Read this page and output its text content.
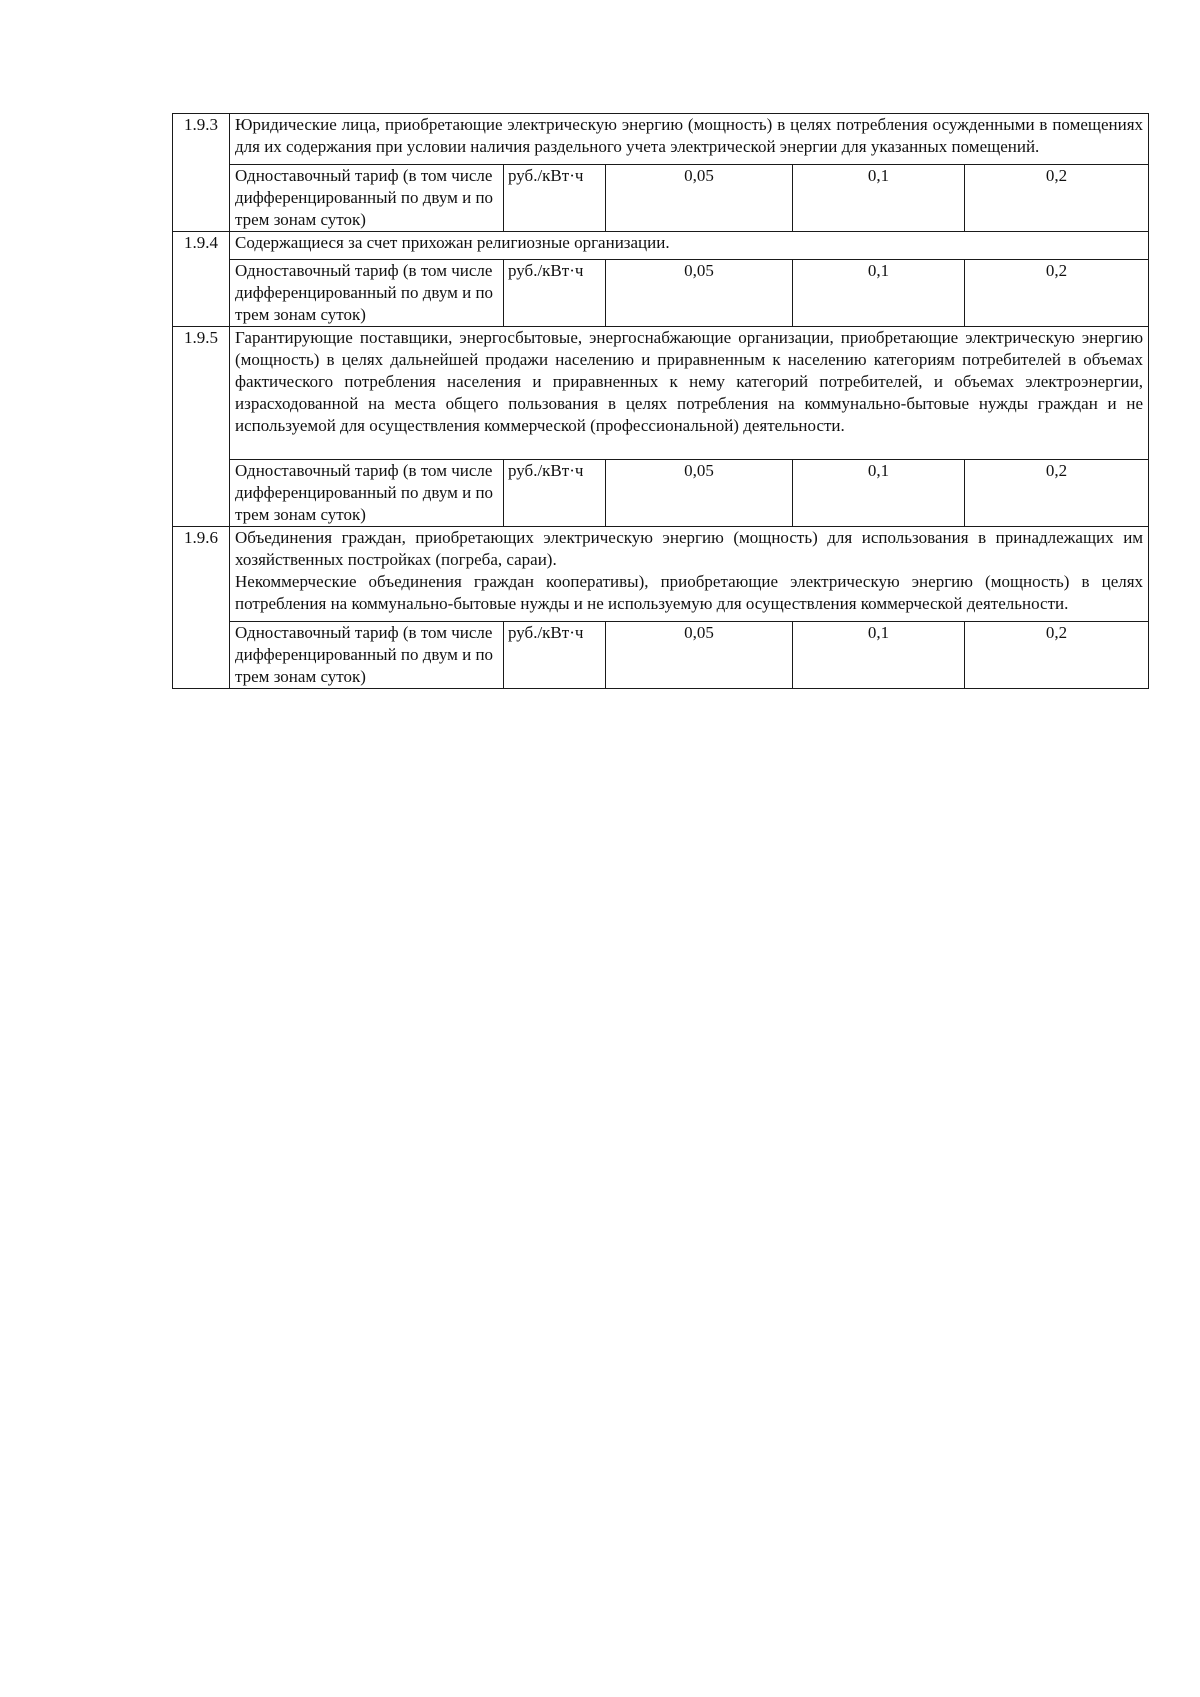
1.9.3	Юридические лица, приобретающие электрическую энергию (мощность) в целях потребления осужденными в помещениях для их содержания при условии наличия раздельного учета электрической энергии для указанных помещений.				

	Одноставочный тариф (в том числе дифференцированный по двум и по трем зонам суток)	руб./кВт·ч	0,05	0,1	0,2
1.9.4	Содержащиеся за счет прихожан религиозные организации.				

	Одноставочный тариф (в том числе дифференцированный по двум и по трем зонам суток)	руб./кВт·ч	0,05	0,1	0,2
1.9.5	Гарантирующие поставщики, энергосбытовые, энергоснабжающие организации, приобретающие электрическую энергию (мощность) в целях дальнейшей продажи населению и приравненным к населению категориям потребителей в объемах фактического потребления населения и приравненных к нему категорий потребителей, и объемах электроэнергии, израсходованной на места общего пользования в целях потребления на коммунально-бытовые нужды граждан и не используемой для осуществления коммерческой (профессиональной) деятельности.				

	Одноставочный тариф (в том числе дифференцированный по двум и по трем зонам суток)	руб./кВт·ч	0,05	0,1	0,2
1.9.6	Объединения граждан, приобретающих электрическую энергию (мощность) для использования в принадлежащих им хозяйственных постройках (погреба, сараи).

Некоммерческие объединения граждан кооперативы), приобретающие электрическую энергию (мощность) в целях потребления на коммунально-бытовые нужды и не используемую для осуществления коммерческой деятельности.				

	Одноставочный тариф (в том числе дифференцированный по двум и по трем зонам суток)	руб./кВт·ч	0,05	0,1	0,2
